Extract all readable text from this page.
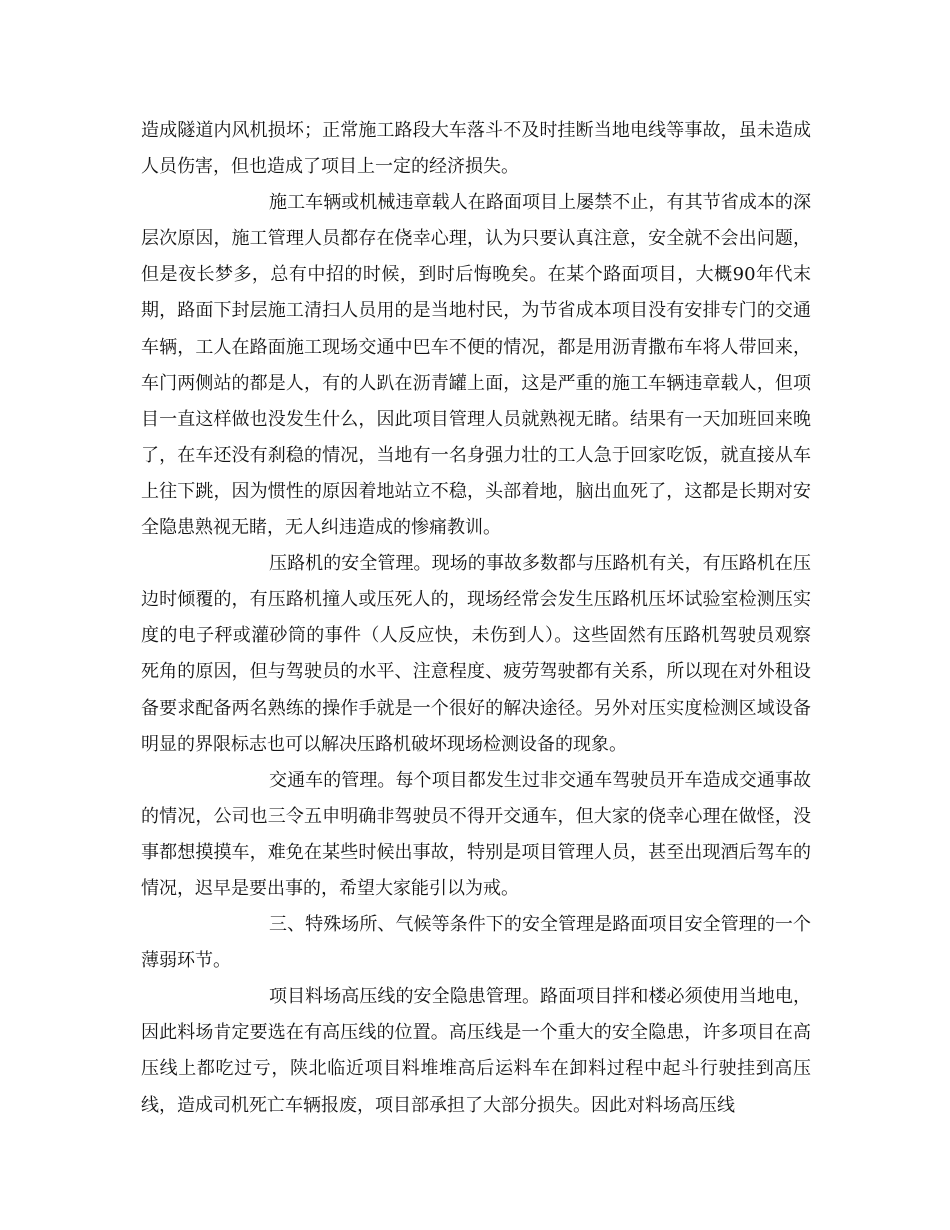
造成隧道内风机损坏；正常施工路段大车落斗不及时挂断当地电线等事故，虽未造成人员伤害，但也造成了项目上一定的经济损失。

施工车辆或机械违章载人在路面项目上屡禁不止，有其节省成本的深层次原因，施工管理人员都存在侥幸心理，认为只要认真注意，安全就不会出问题，但是夜长梦多，总有中招的时候，到时后悔晚矣。在某个路面项目，大概90年代末期，路面下封层施工清扫人员用的是当地村民，为节省成本项目没有安排专门的交通车辆，工人在路面施工现场交通中巴车不便的情况，都是用沥青撒布车将人带回来，车门两侧站的都是人，有的人趴在沥青罐上面，这是严重的施工车辆违章载人，但项目一直这样做也没发生什么，因此项目管理人员就熟视无睹。结果有一天加班回来晚了，在车还没有刹稳的情况，当地有一名身强力壮的工人急于回家吃饭，就直接从车上往下跳，因为惯性的原因着地站立不稳，头部着地，脑出血死了，这都是长期对安全隐患熟视无睹，无人纠违造成的惨痛教训。

压路机的安全管理。现场的事故多数都与压路机有关，有压路机在压边时倾覆的，有压路机撞人或压死人的，现场经常会发生压路机压坏试验室检测压实度的电子秤或灌砂筒的事件（人反应快，未伤到人）。这些固然有压路机驾驶员观察死角的原因，但与驾驶员的水平、注意程度、疲劳驾驶都有关系，所以现在对外租设备要求配备两名熟练的操作手就是一个很好的解决途径。另外对压实度检测区域设备明显的界限标志也可以解决压路机破坏现场检测设备的现象。

交通车的管理。每个项目都发生过非交通车驾驶员开车造成交通事故的情况，公司也三令五申明确非驾驶员不得开交通车，但大家的侥幸心理在做怪，没事都想摸摸车，难免在某些时候出事故，特别是项目管理人员，甚至出现酒后驾车的情况，迟早是要出事的，希望大家能引以为戒。

三、特殊场所、气候等条件下的安全管理是路面项目安全管理的一个薄弱环节。

项目料场高压线的安全隐患管理。路面项目拌和楼必须使用当地电，因此料场肯定要选在有高压线的位置。高压线是一个重大的安全隐患，许多项目在高压线上都吃过亏，陕北临近项目料堆堆高后运料车在卸料过程中起斗行驶挂到高压线，造成司机死亡车辆报废，项目部承担了大部分损失。因此对料场高压线
